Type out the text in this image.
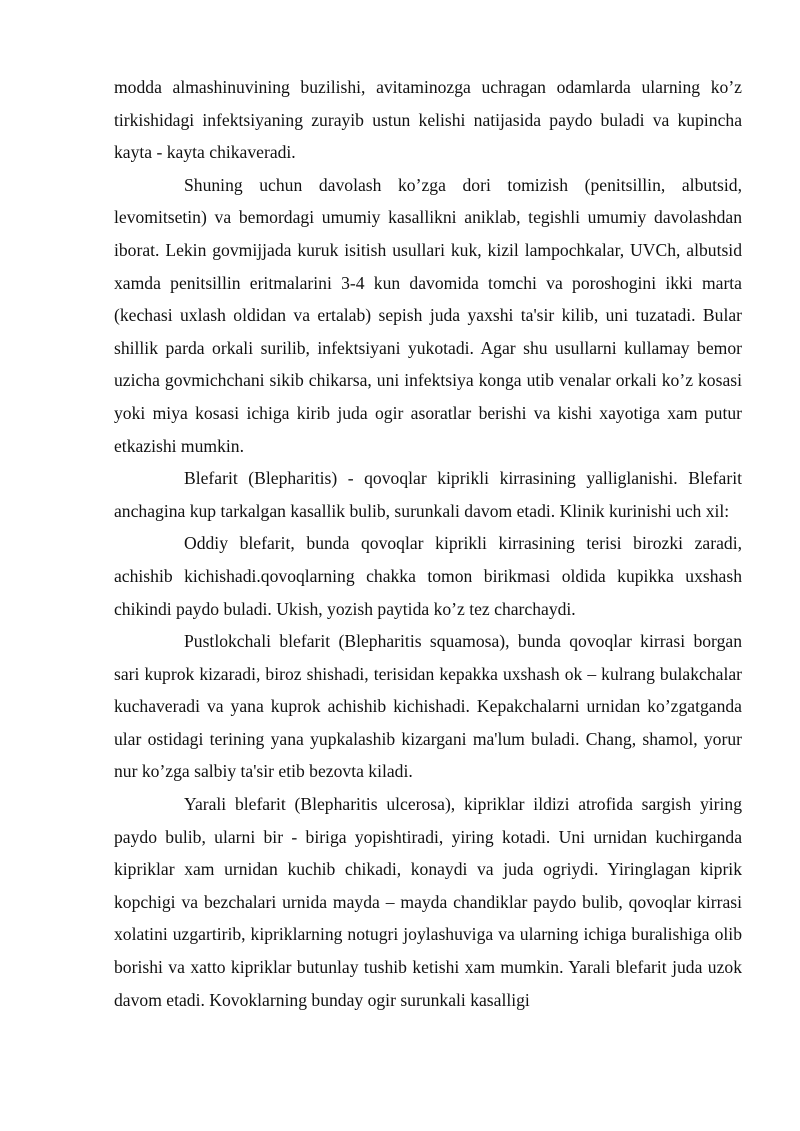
modda almashinuvining buzilishi, avitaminozga uchragan odamlarda ularning ko’z tirkishidagi infektsiyaning zurayib ustun kelishi natijasida paydo buladi va kupincha kayta - kayta chikaveradi.

Shuning uchun davolash ko’zga dori tomizish (penitsillin, albutsid, levomitsetin) va bemordagi umumiy kasallikni aniklab, tegishli umumiy davolashdan iborat. Lekin govmijjada kuruk isitish usullari kuk, kizil lampochkalar, UVCh, albutsid xamda penitsillin eritmalarini 3-4 kun davomida tomchi va poroshogini ikki marta (kechasi uxlash oldidan va ertalab) sepish juda yaxshi ta'sir kilib, uni tuzatadi. Bular shillik parda orkali surilib, infektsiyani yukotadi. Agar shu usullarni kullamay bemor uzicha govmichchani sikib chikarsa, uni infektsiya konga utib venalar orkali ko’z kosasi yoki miya kosasi ichiga kirib juda ogir asoratlar berishi va kishi xayotiga xam putur etkazishi mumkin.

Blefarit (Blepharitis) - qovoqlar kiprikli kirrasining yalliglanishi. Blefarit anchagina kup tarkalgan kasallik bulib, surunkali davom etadi. Klinik kurinishi uch xil:

Oddiy blefarit, bunda qovoqlar kiprikli kirrasining terisi birozki zaradi, achishib kichishadi.qovoqlarning chakka tomon birikmasi oldida kupikka uxshash chikindi paydo buladi. Ukish, yozish paytida ko’z tez charchaydi.

Pustlokchali blefarit (Blepharitis squamosa), bunda qovoqlar kirrasi borgan sari kuprok kizaradi, biroz shishadi, terisidan kepakka uxshash ok – kulrang bulakchalar kuchaveradi va yana kuprok achishib kichishadi. Kepakchalarni urnidan ko’zgatganda ular ostidagi terining yana yupkalashib kizargani ma'lum buladi. Chang, shamol, yorur nur ko’zga salbiy ta'sir etib bezovta kiladi.

Yarali blefarit (Blepharitis ulcerosa), kipriklar ildizi atrofida sargish yiring paydo bulib, ularni bir - biriga yopishtiradi, yiring kotadi. Uni urnidan kuchirganda kipriklar xam urnidan kuchib chikadi, konaydi va juda ogriydi. Yiringlagan kiprik kopchigi va bezchalari urnida mayda – mayda chandiklar paydo bulib, qovoqlar kirrasi xolatini uzgartirib, kipriklarning notugri joylashuviga va ularning ichiga buralishiga olib borishi va xatto kipriklar butunlay tushib ketishi xam mumkin. Yarali blefarit juda uzok davom etadi. Kovoklarning bunday ogir surunkali kasalligi
